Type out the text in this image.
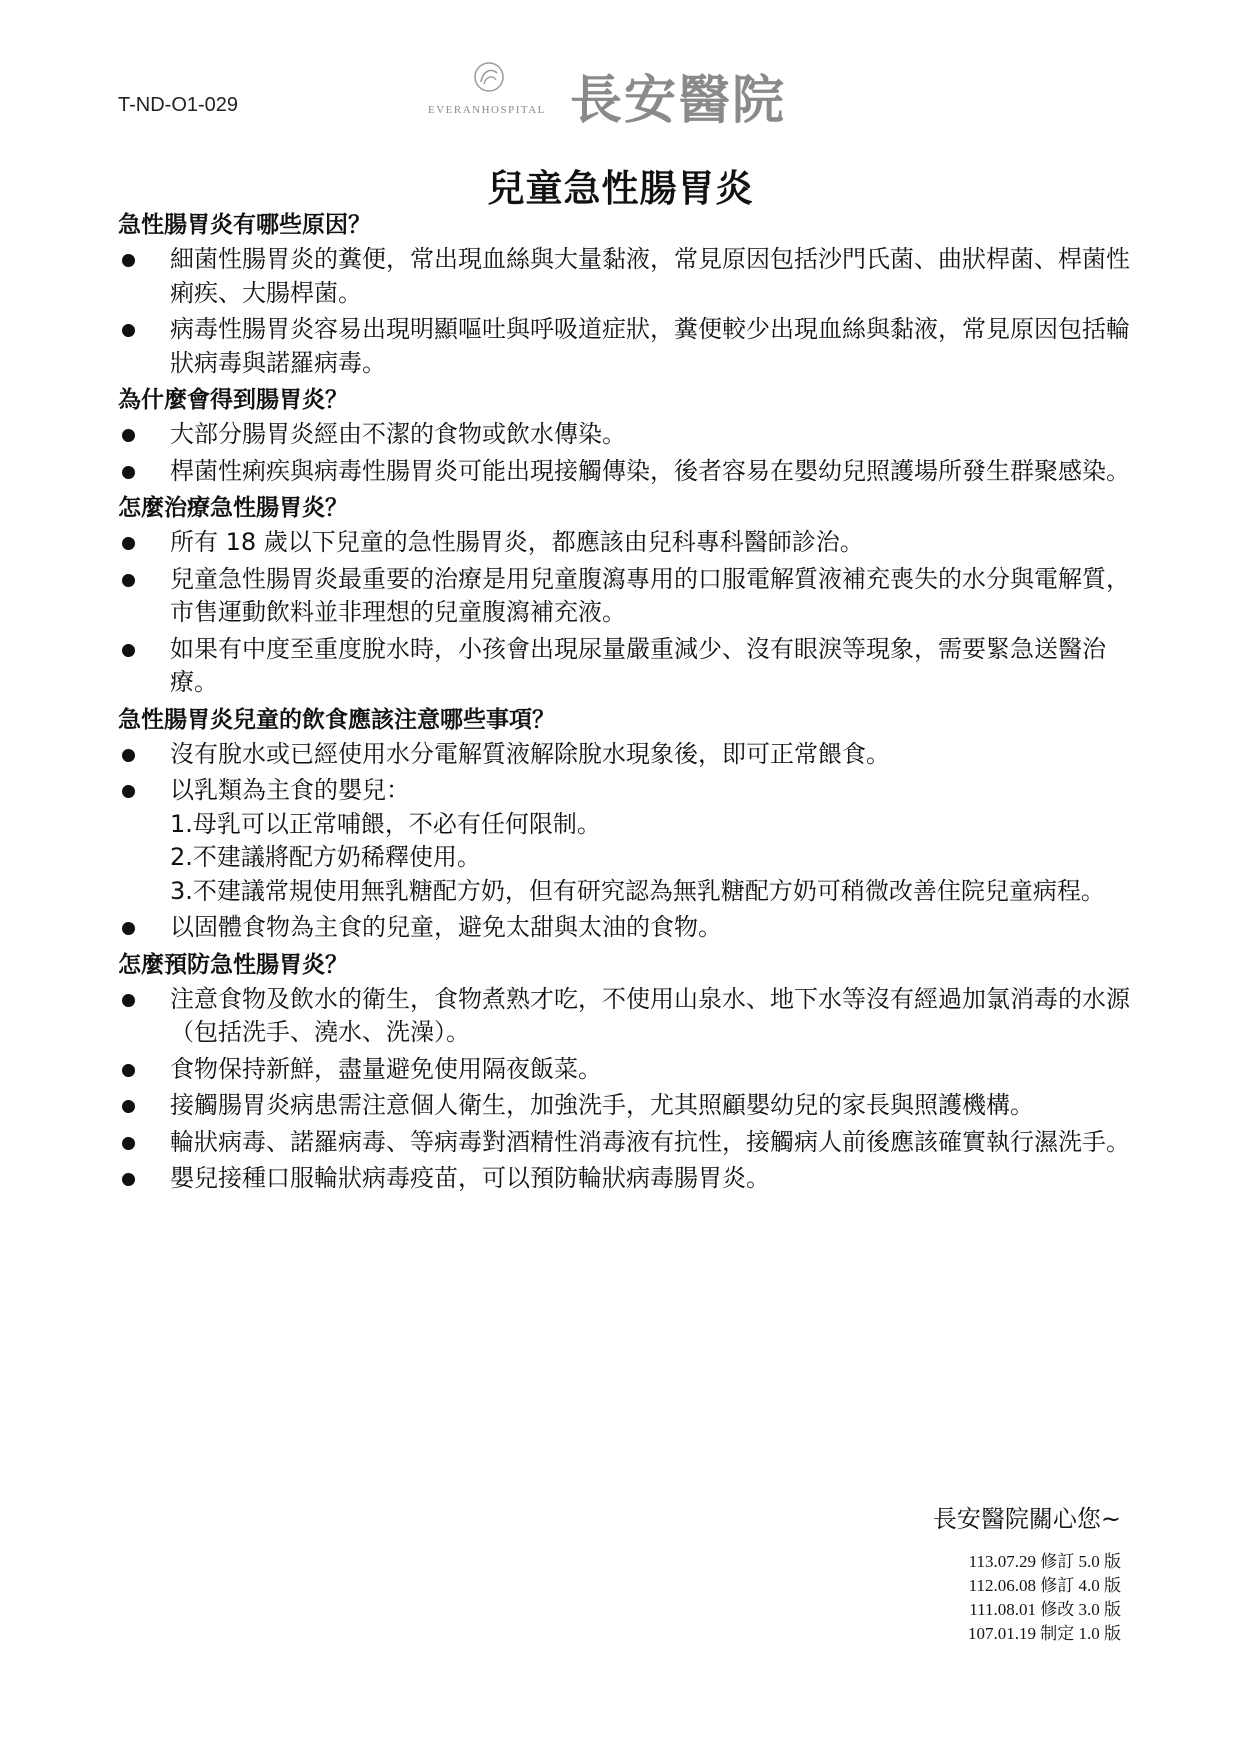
T-ND-O1-029	EVERANHOSPITAL 長安醫院
兒童急性腸胃炎
急性腸胃炎有哪些原因？
細菌性腸胃炎的糞便，常出現血絲與大量黏液，常見原因包括沙門氏菌、曲狀桿菌、桿菌性痢疾、大腸桿菌。
病毒性腸胃炎容易出現明顯嘔吐與呼吸道症狀，糞便較少出現血絲與黏液，常見原因包括輪狀病毒與諾羅病毒。
為什麼會得到腸胃炎？
大部分腸胃炎經由不潔的食物或飲水傳染。
桿菌性痢疾與病毒性腸胃炎可能出現接觸傳染，後者容易在嬰幼兒照護場所發生群聚感染。
怎麼治療急性腸胃炎？
所有 18 歲以下兒童的急性腸胃炎，都應該由兒科專科醫師診治。
兒童急性腸胃炎最重要的治療是用兒童腹瀉專用的口服電解質液補充喪失的水分與電解質，市售運動飲料並非理想的兒童腹瀉補充液。
如果有中度至重度脫水時，小孩會出現尿量嚴重減少、沒有眼淚等現象，需要緊急送醫治療。
急性腸胃炎兒童的飲食應該注意哪些事項？
沒有脫水或已經使用水分電解質液解除脫水現象後，即可正常餵食。
以乳類為主食的嬰兒：
1.母乳可以正常哺餵，不必有任何限制。
2.不建議將配方奶稀釋使用。
3.不建議常規使用無乳糖配方奶，但有研究認為無乳糖配方奶可稍微改善住院兒童病程。
以固體食物為主食的兒童，避免太甜與太油的食物。
怎麼預防急性腸胃炎？
注意食物及飲水的衛生，食物煮熟才吃，不使用山泉水、地下水等沒有經過加氯消毒的水源（包括洗手、澆水、洗澡）。
食物保持新鮮，盡量避免使用隔夜飯菜。
接觸腸胃炎病患需注意個人衛生，加強洗手，尤其照顧嬰幼兒的家長與照護機構。
輪狀病毒、諾羅病毒、等病毒對酒精性消毒液有抗性，接觸病人前後應該確實執行濕洗手。
嬰兒接種口服輪狀病毒疫苗，可以預防輪狀病毒腸胃炎。
長安醫院關心您~
113.07.29 修訂 5.0 版
112.06.08 修訂 4.0 版
111.08.01 修改 3.0 版
107.01.19 制定 1.0 版
